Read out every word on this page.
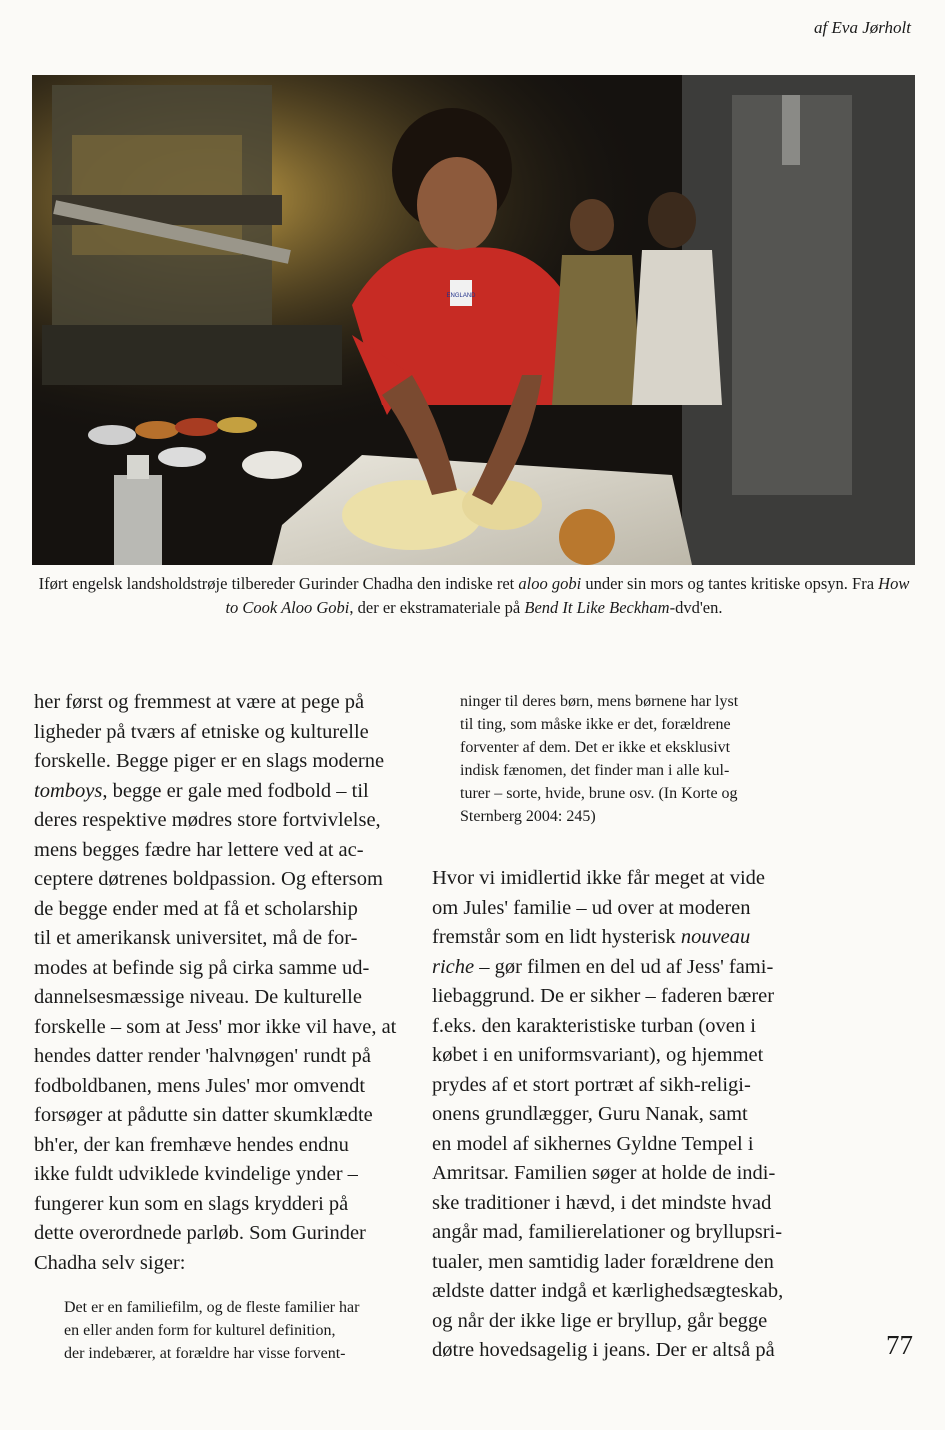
af Eva Jørholt
ENGLAND
Iført engelsk landsholdstrøje tilbereder Gurinder Chadha den indiske ret aloo gobi under sin mors og tantes kritiske opsyn. Fra How to Cook Aloo Gobi, der er ekstramateriale på Bend It Like Beckham-dvd'en.
her først og fremmest at være at pege på
ligheder på tværs af etniske og kulturelle
forskelle. Begge piger er en slags moderne
tomboys, begge er gale med fodbold – til
deres respektive mødres store fortvivlelse,
mens begges fædre har lettere ved at ac-
ceptere døtrenes boldpassion. Og eftersom
de begge ender med at få et scholarship
til et amerikansk universitet, må de for-
modes at befinde sig på cirka samme ud-
dannelsesmæssige niveau. De kulturelle
forskelle – som at Jess' mor ikke vil have, at
hendes datter render 'halvnøgen' rundt på
fodboldbanen, mens Jules' mor omvendt
forsøger at pådutte sin datter skumklædte
bh'er, der kan fremhæve hendes endnu
ikke fuldt udviklede kvindelige ynder –
fungerer kun som en slags krydderi på
dette overordnede parløb. Som Gurinder
Chadha selv siger:
Det er en familiefilm, og de fleste familier har
en eller anden form for kulturel definition,
der indebærer, at forældre har visse forvent-
ninger til deres børn, mens børnene har lyst
til ting, som måske ikke er det, forældrene
forventer af dem. Det er ikke et eksklusivt
indisk fænomen, det finder man i alle kul-
turer – sorte, hvide, brune osv. (In Korte og
Sternberg 2004: 245)
Hvor vi imidlertid ikke får meget at vide
om Jules' familie – ud over at moderen
fremstår som en lidt hysterisk nouveau
riche – gør filmen en del ud af Jess' fami-
liebaggrund. De er sikher – faderen bærer
f.eks. den karakteristiske turban (oven i
købet i en uniformsvariant), og hjemmet
prydes af et stort portræt af sikh-religi-
onens grundlægger, Guru Nanak, samt
en model af sikhernes Gyldne Tempel i
Amritsar. Familien søger at holde de indi-
ske traditioner i hævd, i det mindste hvad
angår mad, familierelationer og bryllupsri-
tualer, men samtidig lader forældrene den
ældste datter indgå et kærlighedsægteskab,
og når der ikke lige er bryllup, går begge
døtre hovedsagelig i jeans. Der er altså på	77
